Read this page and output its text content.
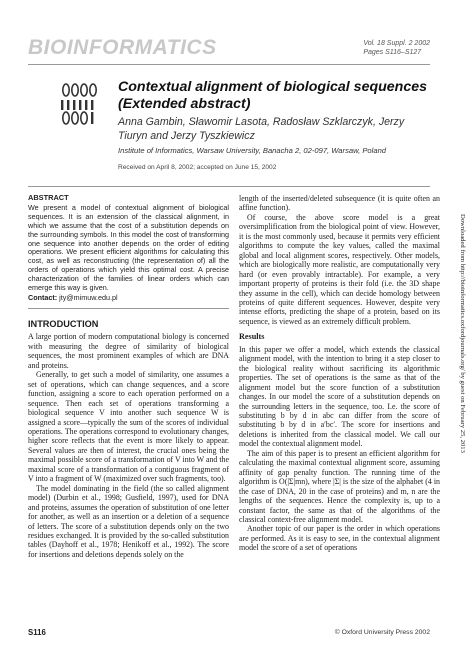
BIOINFORMATICS	Vol. 18 Suppl. 2 2002
Pages S116–S127
Contextual alignment of biological sequences
(Extended abstract)
Anna Gambin, Sławomir Lasota, Radosław Szklarczyk, Jerzy
Tiuryn and Jerzy Tyszkiewicz
Institute of Informatics, Warsaw University, Banacha 2, 02-097, Warsaw, Poland
Received on April 8, 2002; accepted on June 15, 2002
ABSTRACT
We present a model of contextual alignment of biological sequences. It is an extension of the classical alignment, in which we assume that the cost of a substitution depends on the surrounding symbols. In this model the cost of transforming one sequence into another depends on the order of editing operations. We present efficient algorithms for calculating this cost, as well as reconstructing (the representation of) all the orders of operations which yield this optimal cost. A precise characterization of the families of linear orders which can emerge this way is given.
Contact: jty@mimuw.edu.pl
INTRODUCTION

A large portion of modern computational biology is concerned with measuring the degree of similarity of biological sequences, the most prominent examples of which are DNA and proteins.

Generally, to get such a model of similarity, one assumes a set of operations, which can change sequences, and a score function, assigning a score to each operation performed on a sequence. Then each set of operations transforming a biological sequence V into another such sequence W is assigned a score—typically the sum of the scores of individual operations. The operations correspond to evolutionary changes, higher score reflects that the event is more likely to appear. Several values are then of interest, the crucial ones being the maximal possible score of a transformation of V into W and the maximal score of a transformation of a contiguous fragment of V into a fragment of W (maximized over such fragments, too).

The model dominating in the field (the so called alignment model) (Durbin et al., 1998; Gusfield, 1997), used for DNA and proteins, assumes the operation of substitution of one letter for another, as well as an insertion or a deletion of a sequence of letters. The score of a substitution depends only on the two residues exchanged. It is provided by the so-called substitution tables (Dayhoff et al., 1978; Henikoff et al., 1992). The score for insertions and deletions depends solely on the

length of the inserted/deleted subsequence (it is quite often an affine function).

Of course, the above score model is a great oversimplification from the biological point of view. However, it is the most commonly used, because it permits very efficient algorithms to compute the key values, called the maximal global and local alignment scores, respectively. Other models, which are biologically more realistic, are computationally very hard (or even provably intractable). For example, a very important property of proteins is their fold (i.e. the 3D shape they assume in the cell), which can decide homology between proteins of quite different sequences. However, despite very intense efforts, predicting the shape of a protein, based on its sequence, is viewed as an extremely difficult problem.

Results

In this paper we offer a model, which extends the classical alignment model, with the intention to bring it a step closer to the biological reality without sacrificing its algorithmic properties. The set of operations is the same as that of the alignment model but the score function of a substitution changes. In our model the score of a substitution depends on the surrounding letters in the sequence, too. I.e. the score of substituting b by d in abc can differ from the score of substituting b by d in a′bc′. The score for insertions and deletions is inherited from the classical model. We call our model the contextual alignment model.

The aim of this paper is to present an efficient algorithm for calculating the maximal contextual alignment score, assuming affinity of gap penalty function. The running time of the algorithm is O(|Σ|mn), where |Σ| is the size of the alphabet (4 in the case of DNA, 20 in the case of proteins) and m, n are the lengths of the sequences. Hence the complexity is, up to a constant factor, the same as that of the algorithms of the classical context-free alignment model.

Another topic of our paper is the order in which operations are performed. As it is easy to see, in the contextual alignment model the score of a set of operations

Downloaded from http://bioinformatics.oxfordjournals.org/ by guest on February 25, 2013
S116	© Oxford University Press 2002
